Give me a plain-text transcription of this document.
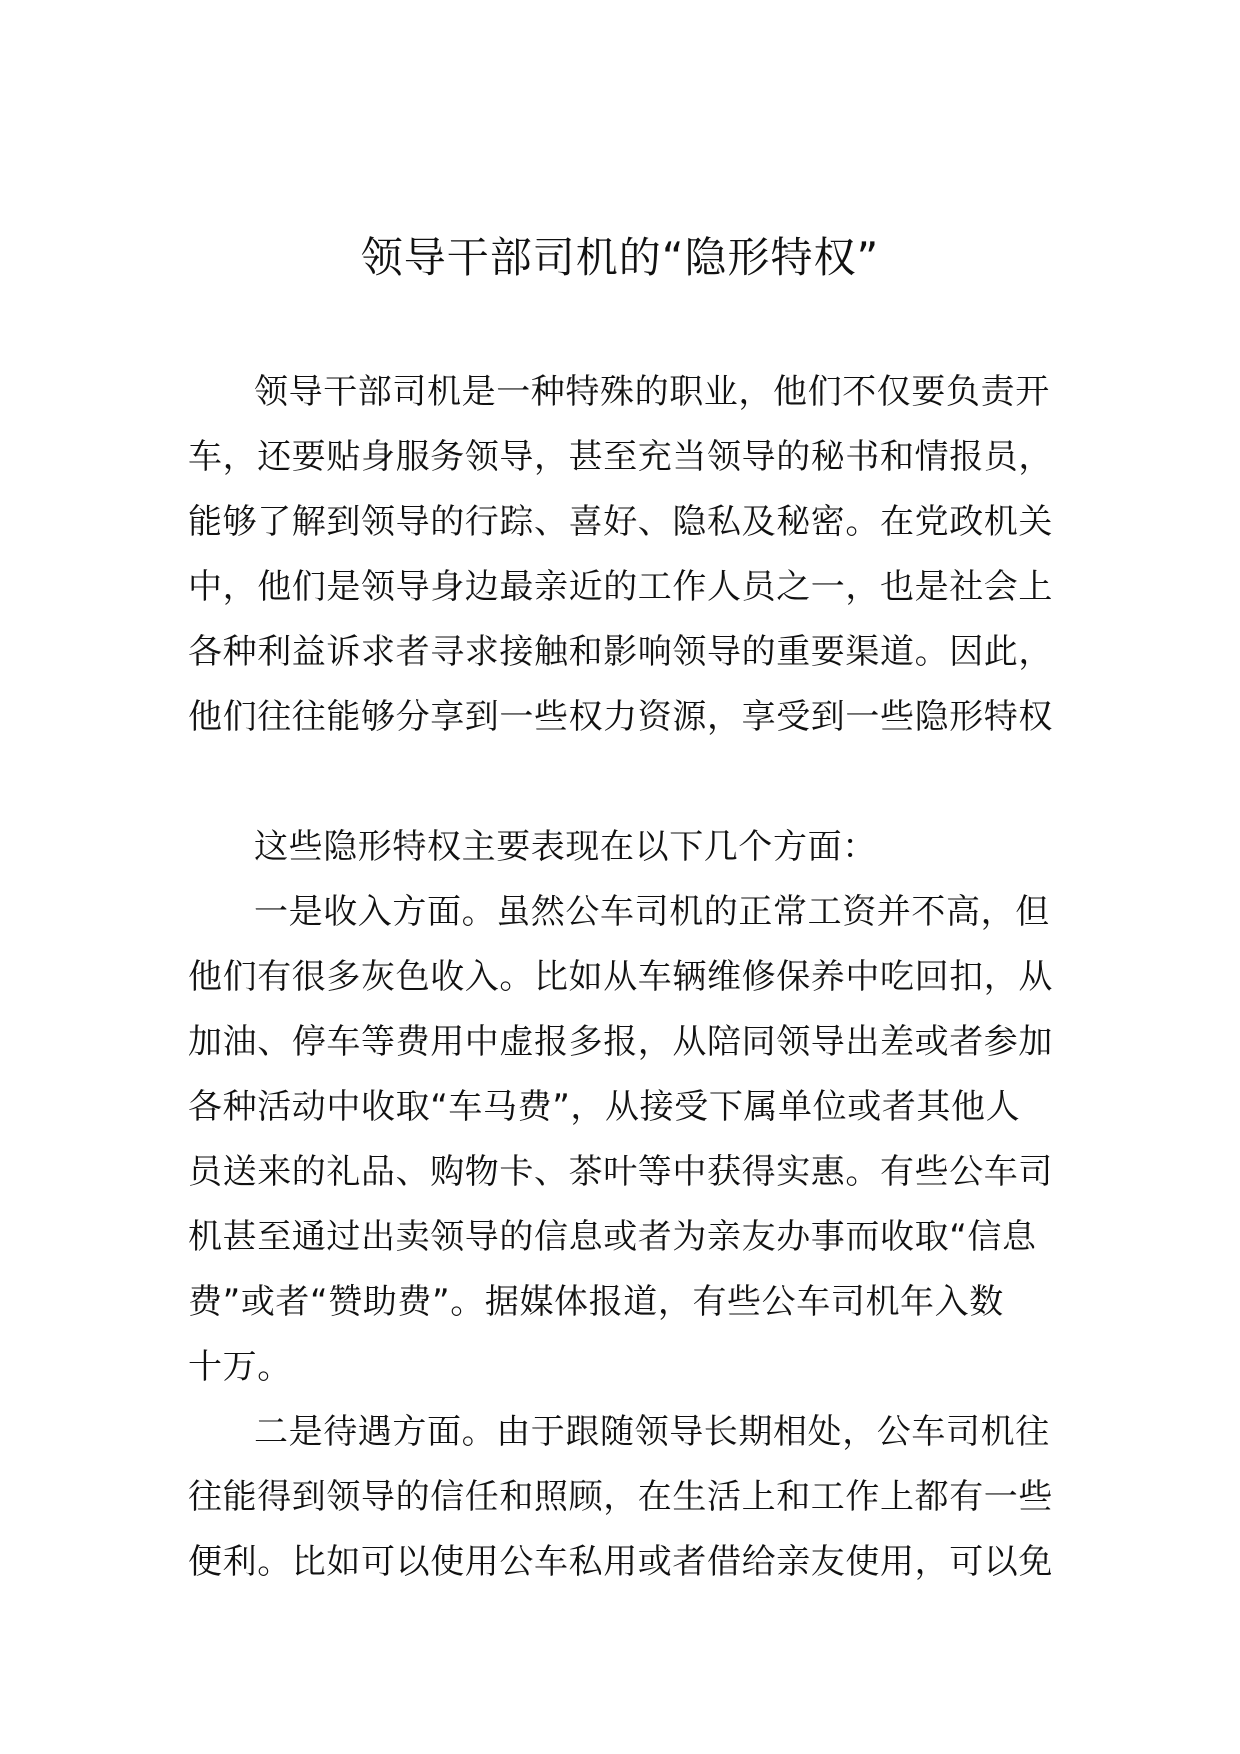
领导干部司机的“隐形特权”
领导干部司机是一种特殊的职业，他们不仅要负责开
车，还要贴身服务领导，甚至充当领导的秘书和情报员，
能够了解到领导的行踪、喜好、隐私及秘密。在党政机关
中，他们是领导身边最亲近的工作人员之一，也是社会上
各种利益诉求者寻求接触和影响领导的重要渠道。因此，
他们往往能够分享到一些权力资源，享受到一些隐形特权
这些隐形特权主要表现在以下几个方面：
一是收入方面。虽然公车司机的正常工资并不高，但
他们有很多灰色收入。比如从车辆维修保养中吃回扣，从
加油、停车等费用中虚报多报，从陪同领导出差或者参加
各种活动中收取“车马费”，从接受下属单位或者其他人
员送来的礼品、购物卡、茶叶等中获得实惠。有些公车司
机甚至通过出卖领导的信息或者为亲友办事而收取“信息
费”或者“赞助费”。据媒体报道，有些公车司机年入数
十万。
二是待遇方面。由于跟随领导长期相处，公车司机往
往能得到领导的信任和照顾，在生活上和工作上都有一些
便利。比如可以使用公车私用或者借给亲友使用，可以免
